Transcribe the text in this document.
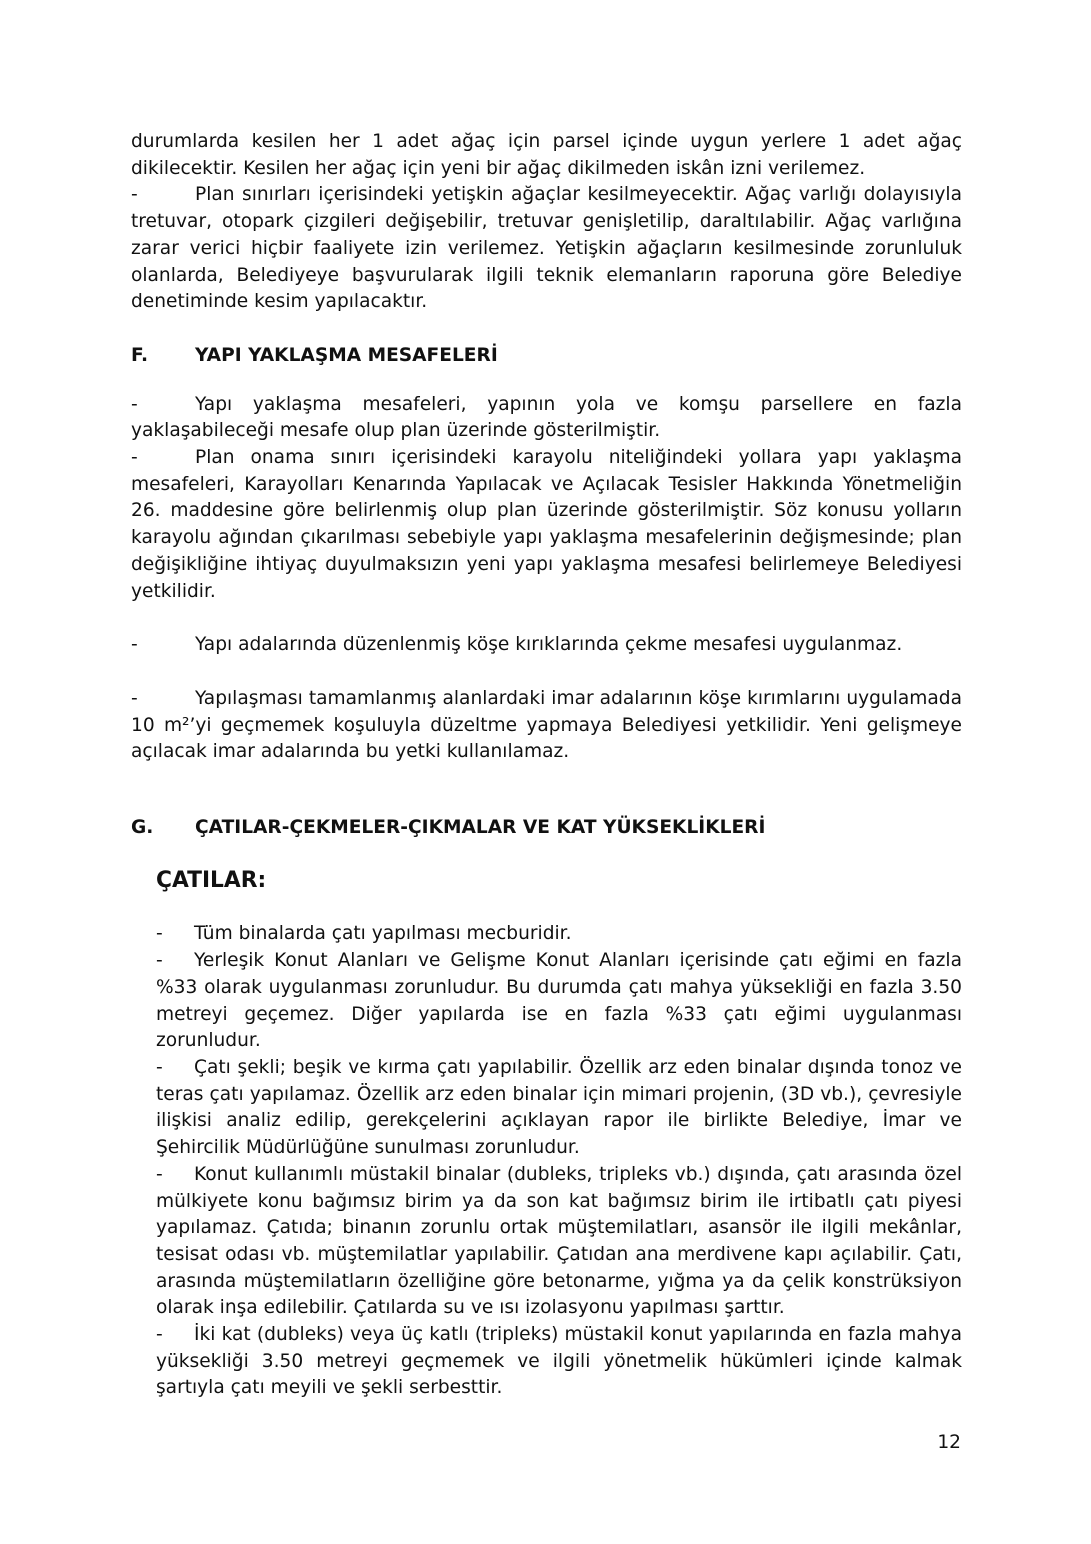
durumlarda kesilen her 1 adet ağaç için parsel içinde uygun yerlere 1 adet ağaç dikilecektir. Kesilen her ağaç için yeni bir ağaç dikilmeden iskân izni verilemez.

-	Plan sınırları içerisindeki yetişkin ağaçlar kesilmeyecektir. Ağaç varlığı dolayısıyla tretuvar, otopark çizgileri değişebilir, tretuvar genişletilip, daraltılabilir. Ağaç varlığına zarar verici hiçbir faaliyete izin verilemez. Yetişkin ağaçların kesilmesinde zorunluluk olanlarda, Belediyeye başvurularak ilgili teknik elemanların raporuna göre Belediye denetiminde kesim yapılacaktır.

F.	YAPI YAKLAŞMA MESAFELERİ

-	Yapı yaklaşma mesafeleri, yapının yola ve komşu parsellere en fazla yaklaşabileceği mesafe olup plan üzerinde gösterilmiştir.

-	Plan onama sınırı içerisindeki karayolu niteliğindeki yollara yapı yaklaşma mesafeleri, Karayolları Kenarında Yapılacak ve Açılacak Tesisler Hakkında Yönetmeliğin 26. maddesine göre belirlenmiş olup plan üzerinde gösterilmiştir. Söz konusu yolların karayolu ağından çıkarılması sebebiyle yapı yaklaşma mesafelerinin değişmesinde; plan değişikliğine ihtiyaç duyulmaksızın yeni yapı yaklaşma mesafesi belirlemeye Belediyesi yetkilidir.

-	Yapı adalarında düzenlenmiş köşe kırıklarında çekme mesafesi uygulanmaz.

-	Yapılaşması tamamlanmış alanlardaki imar adalarının köşe kırımlarını uygulamada 10 m²’yi geçmemek koşuluyla düzeltme yapmaya Belediyesi yetkilidir. Yeni gelişmeye açılacak imar adalarında bu yetki kullanılamaz.

G. ÇATILAR-ÇEKMELER-ÇIKMALAR VE KAT YÜKSEKLİKLERİ
ÇATILAR:

- Tüm binalarda çatı yapılması mecburidir.

- Yerleşik Konut Alanları ve Gelişme Konut Alanları içerisinde çatı eğimi en fazla %33 olarak uygulanması zorunludur. Bu durumda çatı mahya yüksekliği en fazla 3.50 metreyi geçemez. Diğer yapılarda ise en fazla %33 çatı eğimi uygulanması zorunludur.

- Çatı şekli; beşik ve kırma çatı yapılabilir. Özellik arz eden binalar dışında tonoz ve teras çatı yapılamaz. Özellik arz eden binalar için mimari projenin, (3D vb.), çevresiyle ilişkisi analiz edilip, gerekçelerini açıklayan rapor ile birlikte Belediye, İmar ve Şehircilik Müdürlüğüne sunulması zorunludur.

- Konut kullanımlı müstakil binalar (dubleks, tripleks vb.) dışında, çatı arasında özel mülkiyete konu bağımsız birim ya da son kat bağımsız birim ile irtibatlı çatı piyesi yapılamaz. Çatıda; binanın zorunlu ortak müştemilatları, asansör ile ilgili mekânlar, tesisat odası vb. müştemilatlar yapılabilir. Çatıdan ana merdivene kapı açılabilir. Çatı, arasında müştemilatların özelliğine göre betonarme, yığma ya da çelik konstrüksiyon olarak inşa edilebilir. Çatılarda su ve ısı izolasyonu yapılması şarttır.

- İki kat (dubleks) veya üç katlı (tripleks) müstakil konut yapılarında en fazla mahya yüksekliği 3.50 metreyi geçmemek ve ilgili yönetmelik hükümleri içinde kalmak şartıyla çatı meyili ve şekli serbesttir.

12
